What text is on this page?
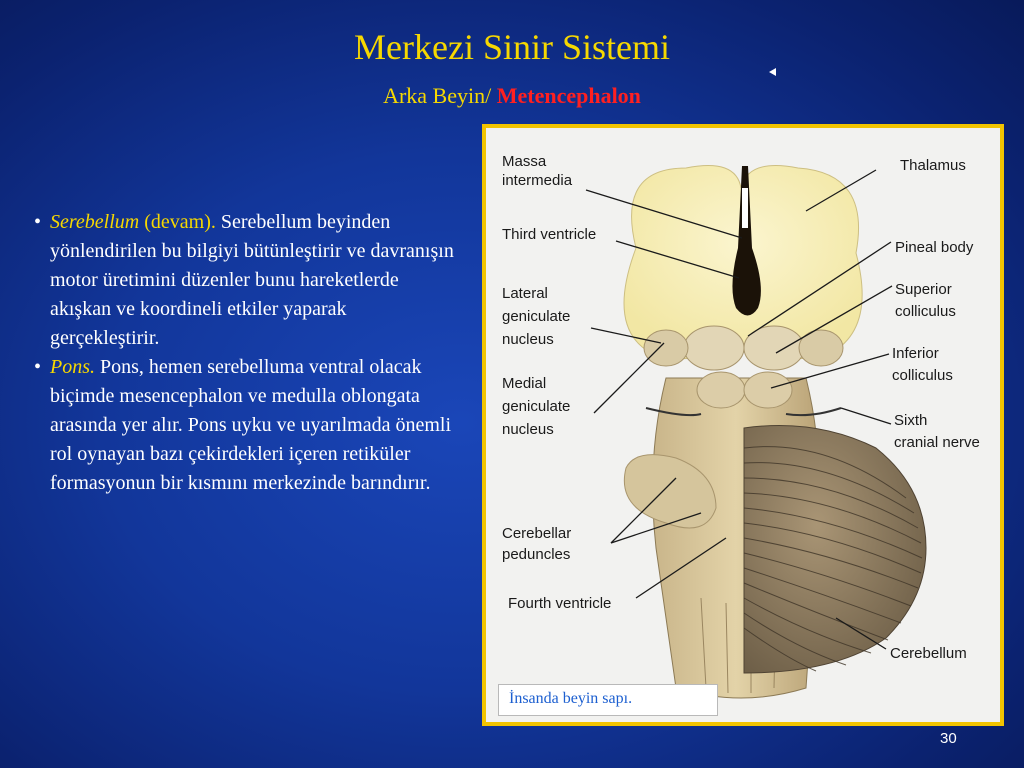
Merkezi Sinir Sistemi
Arka Beyin/ Metencephalon

• Serebellum (devam). Serebellum beyinden yönlendirilen bu bilgiyi bütünleştirir ve davranışın motor üretimini düzenler bunu hareketlerde akışkan ve koordineli etkiler yaparak gerçekleştirir.

• Pons. Pons, hemen serebelluma ventral olacak biçimde mesencephalon ve medulla oblongata arasında yer alır. Pons uyku ve uyarılmada önemli rol oynayan bazı çekirdekleri içeren retiküler formasyonun bir kısmını merkezinde barındırır.

Massa
intermedia
Third ventricle
Lateral
geniculate
nucleus
Medial
geniculate
nucleus
Cerebellar
peduncles
Fourth ventricle
Thalamus
Pineal body
Superior
colliculus
Inferior
colliculus
Sixth
cranial nerve
Cerebellum
İnsanda beyin sapı.
30
